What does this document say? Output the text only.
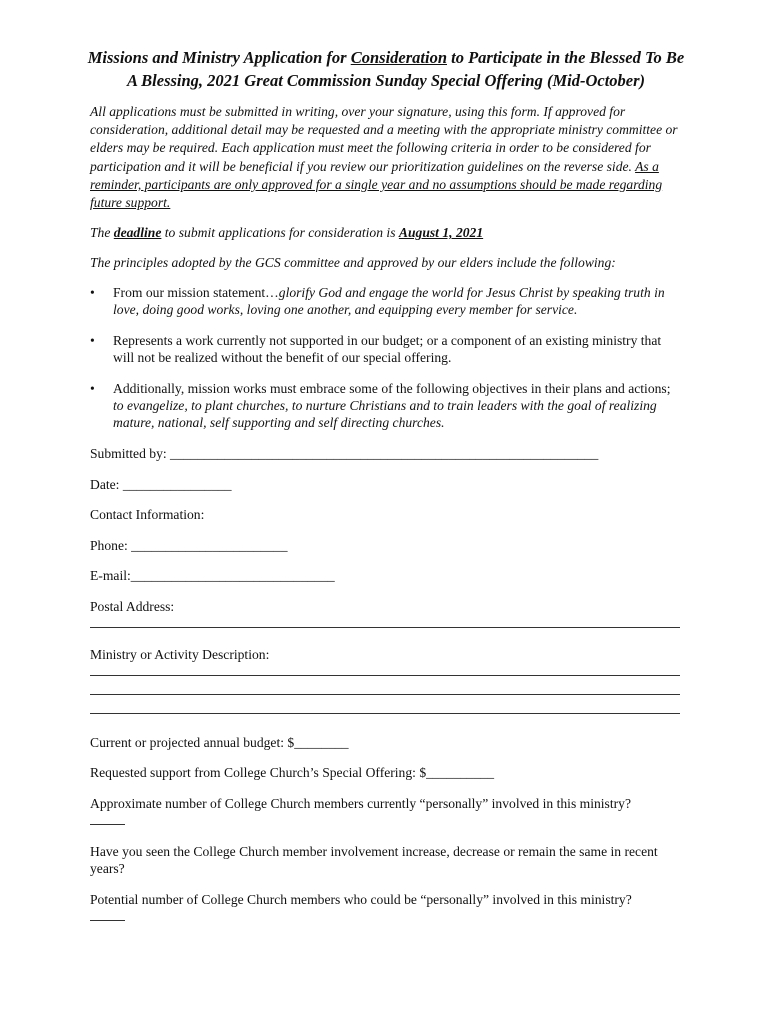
Missions and Ministry Application for Consideration to Participate in the Blessed To Be A Blessing, 2021 Great Commission Sunday Special Offering (Mid-October)

All applications must be submitted in writing, over your signature, using this form. If approved for consideration, additional detail may be requested and a meeting with the appropriate ministry committee or elders may be required. Each application must meet the following criteria in order to be considered for participation and it will be beneficial if you review our prioritization guidelines on the reverse side. As a reminder, participants are only approved for a single year and no assumptions should be made regarding future support.

The deadline to submit applications for consideration is August 1, 2021

The principles adopted by the GCS committee and approved by our elders include the following:

• From our mission statement…glorify God and engage the world for Jesus Christ by speaking truth in love, doing good works, loving one another, and equipping every member for service.
• Represents a work currently not supported in our budget; or a component of an existing ministry that will not be realized without the benefit of our special offering.
• Additionally, mission works must embrace some of the following objectives in their plans and actions; to evangelize, to plant churches, to nurture Christians and to train leaders with the goal of realizing mature, national, self supporting and self directing churches.
Submitted by: _______________________________________________________________
Date: ________________
Contact Information:
Phone: _______________________
E-mail:______________________________
Postal Address:
Ministry or Activity Description:
Current or projected annual budget: $________
Requested support from College Church’s Special Offering: $__________
Approximate number of College Church members currently “personally” involved in this ministry?
Have you seen the College Church member involvement increase, decrease or remain the same in recent years?
Potential number of College Church members who could be “personally” involved in this ministry?
